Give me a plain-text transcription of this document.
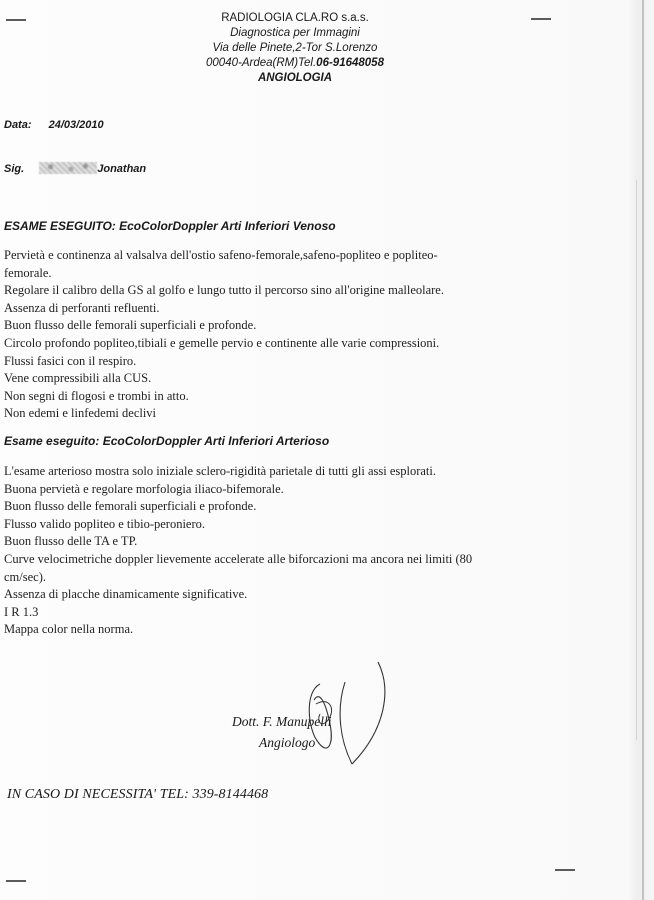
RADIOLOGIA CLA.RO s.a.s.
Diagnostica per Immagini
Via delle Pinete,2-Tor S.Lorenzo
00040-Ardea(RM)Tel.06-91648058
ANGIOLOGIA
Data: 24/03/2010
Sig.	Jonathan
ESAME ESEGUITO: EcoColorDoppler Arti Inferiori Venoso
Pervietà e continenza al valsalva dell'ostio safeno-femorale,safeno-popliteo e popliteo-
femorale.
Regolare il calibro della GS al golfo e lungo tutto il percorso sino all'origine malleolare.
Assenza di perforanti refluenti.
Buon flusso delle femorali superficiali e profonde.
Circolo profondo popliteo,tibiali e gemelle pervio e continente alle varie compressioni.
Flussi fasici con il respiro.
Vene compressibili alla CUS.
Non segni di flogosi e trombi in atto.
Non edemi e linfedemi declivi
Esame eseguito: EcoColorDoppler Arti Inferiori Arterioso
L'esame arterioso mostra solo iniziale sclero-rigidità parietale di tutti gli assi esplorati.
Buona pervietà e regolare morfologia iliaco-bifemorale.
Buon flusso delle femorali superficiali e profonde.
Flusso valido popliteo e tibio-peroniero.
Buon flusso delle TA e TP.
Curve velocimetriche doppler lievemente accelerate alle biforcazioni ma ancora nei limiti (80
cm/sec).
Assenza di placche dinamicamente significative.
I R 1.3
Mappa color nella norma.
Dott. F. Manupelli
Angiologo
IN CASO DI NECESSITA' TEL: 339-8144468
